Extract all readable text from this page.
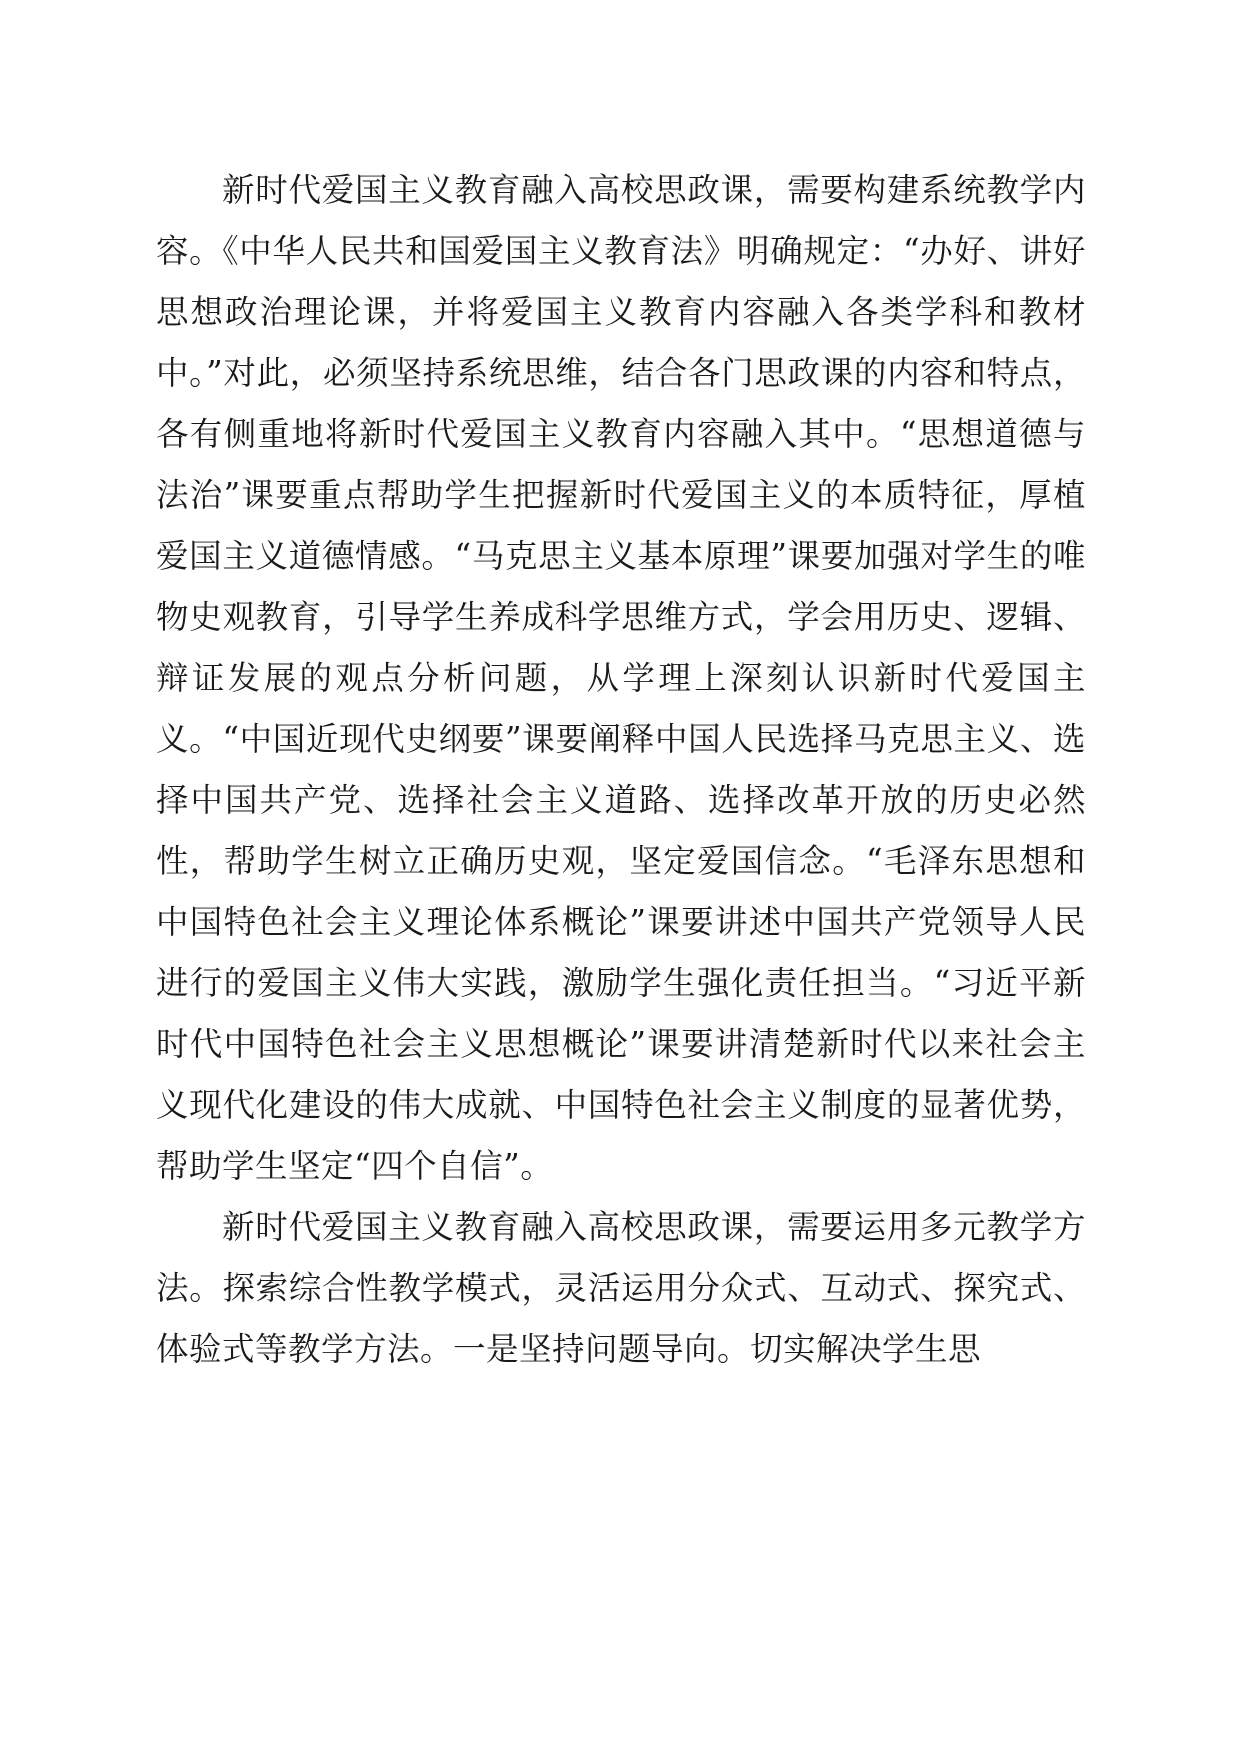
新时代爱国主义教育融入高校思政课，需要构建系统教学内容。《中华人民共和国爱国主义教育法》明确规定：“办好、讲好思想政治理论课，并将爱国主义教育内容融入各类学科和教材中。”对此，必须坚持系统思维，结合各门思政课的内容和特点，各有侧重地将新时代爱国主义教育内容融入其中。“思想道德与法治”课要重点帮助学生把握新时代爱国主义的本质特征，厚植爱国主义道德情感。“马克思主义基本原理”课要加强对学生的唯物史观教育，引导学生养成科学思维方式，学会用历史、逻辑、辩证发展的观点分析问题，从学理上深刻认识新时代爱国主义。“中国近现代史纲要”课要阐释中国人民选择马克思主义、选择中国共产党、选择社会主义道路、选择改革开放的历史必然性，帮助学生树立正确历史观，坚定爱国信念。“毛泽东思想和中国特色社会主义理论体系概论”课要讲述中国共产党领导人民进行的爱国主义伟大实践，激励学生强化责任担当。“习近平新时代中国特色社会主义思想概论”课要讲清楚新时代以来社会主义现代化建设的伟大成就、中国特色社会主义制度的显著优势，帮助学生坚定“四个自信”。

新时代爱国主义教育融入高校思政课，需要运用多元教学方法。探索综合性教学模式，灵活运用分众式、互动式、探究式、体验式等教学方法。一是坚持问题导向。切实解决学生思
